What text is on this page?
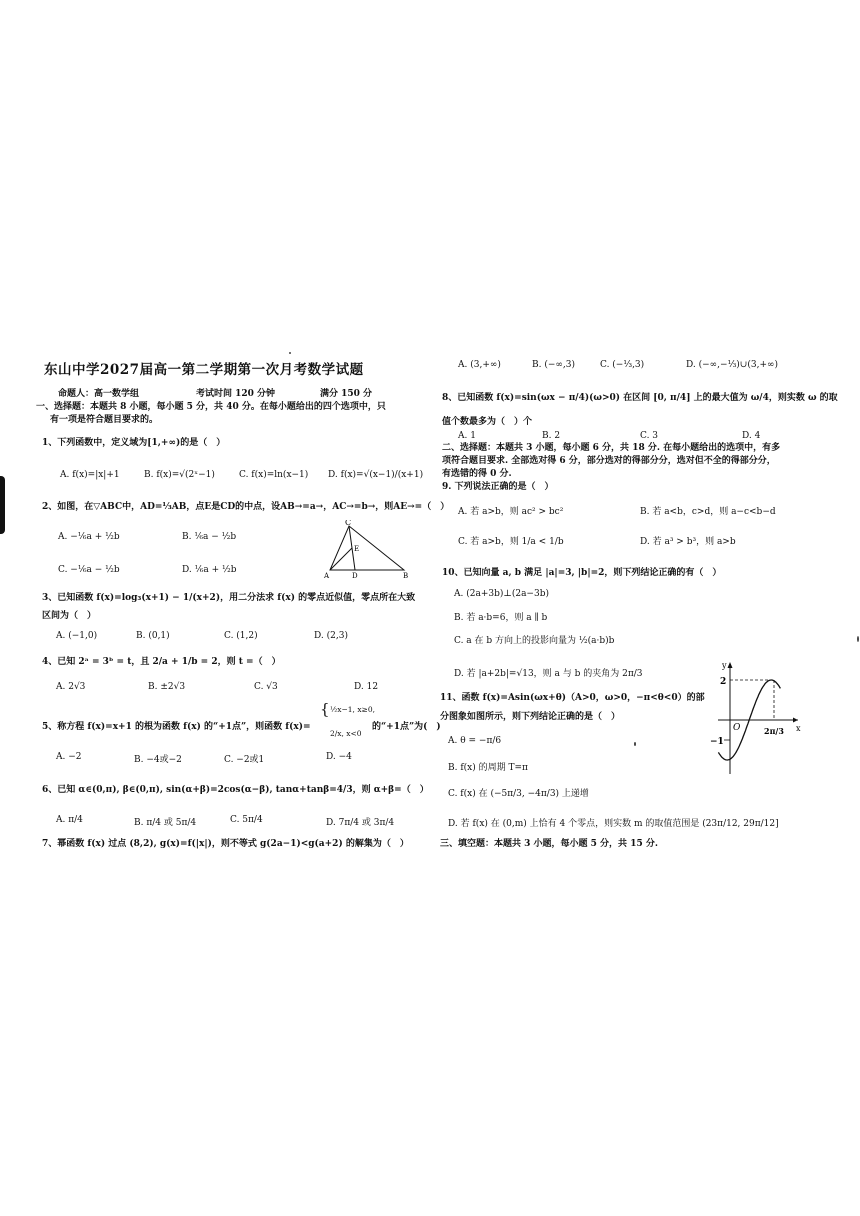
东山中学2027届高一第二学期第一次月考数学试题
命题人：高一数学组	考试时间 120 分钟	满分 150 分
一、选择题：本题共 8 小题，每小题 5 分，共 40 分。在每小题给出的四个选项中，只
有一项是符合题目要求的。
1、下列函数中，定义域为[1,+∞)的是（　）
A. f(x)=|x|+1	B. f(x)=√(2ˣ−1)	C. f(x)=ln(x−1) D. f(x)=√(x−1)/(x+1)
2、如图，在▽ABC中，AD=⅓AB，点E是CD的中点，设AB→=a→，AC→=b→，则AE→=（　）
A. −⅙a + ½b	B. ⅙a − ½b
C. −⅙a − ½b	D. ⅙a + ½b
C
E
A	D	B
3、已知函数 f(x)=log₃(x+1) − 1/(x+2)，用二分法求 f(x) 的零点近似值，零点所在大致
区间为（　）
A. (−1,0)	B. (0,1)	C. (1,2)	D. (2,3)
4、已知 2ᵃ = 3ᵇ = t，且 2/a + 1/b = 2，则 t =（　）
A. 2√3	B. ±2√3	C. √3	D. 12
5、称方程 f(x)=x+1 的根为函数 f(x) 的“+1点”，则函数 f(x)=
{ ½x−1, x≥0,
2/x, x<0
的“+1点”为(　)
A. −2	B. −4或−2	C. −2或1	D. −4
6、已知 α∈(0,π), β∈(0,π), sin(α+β)=2cos(α−β), tanα+tanβ=4/3，则 α+β=（　）
A. π/4	B. π/4 或 5π/4	C. 5π/4	D. 7π/4 或 3π/4
7、幂函数 f(x) 过点 (8,2), g(x)=f(|x|)，则不等式 g(2a−1)<g(a+2) 的解集为（　）
A. (3,+∞)	B. (−∞,3)	C. (−⅓,3)	D. (−∞,−⅓)∪(3,+∞)
8、已知函数 f(x)=sin(ωx − π/4)(ω>0) 在区间 [0, π/4] 上的最大值为 ω/4，则实数 ω 的取
值个数最多为（　）个
A. 1	B. 2	C. 3	D. 4
二、选择题：本题共 3 小题，每小题 6 分，共 18 分. 在每小题给出的选项中，有多
项符合题目要求. 全部选对得 6 分，部分选对的得部分分，选对但不全的得部分分，
有选错的得 0 分.
9. 下列说法正确的是（　）
A. 若 a>b，则 ac² > bc²	B. 若 a<b，c>d，则 a−c<b−d
C. 若 a>b，则 1/a < 1/b	D. 若 a³ > b³，则 a>b
10、已知向量 a, b 满足 |a|=3, |b|=2，则下列结论正确的有（　）
A. (2a+3b)⊥(2a−3b)
B. 若 a·b=6，则 a ∥ b
C. a 在 b 方向上的投影向量为 ½(a·b)b
D. 若 |a+2b|=√13，则 a 与 b 的夹角为 2π/3
11、函数 f(x)=Asin(ωx+θ)（A>0，ω>0，−π<θ<0）的部
分图象如图所示，则下列结论正确的是（　）
A. θ = −π/6
B. f(x) 的周期 T=π
C. f(x) 在 (−5π/3, −4π/3) 上递增
D. 若 f(x) 在 (0,m) 上恰有 4 个零点，则实数 m 的取值范围是 (23π/12, 29π/12]
y
x
O
2
−1
2π/3
三、填空题：本题共 3 小题，每小题 5 分，共 15 分.
